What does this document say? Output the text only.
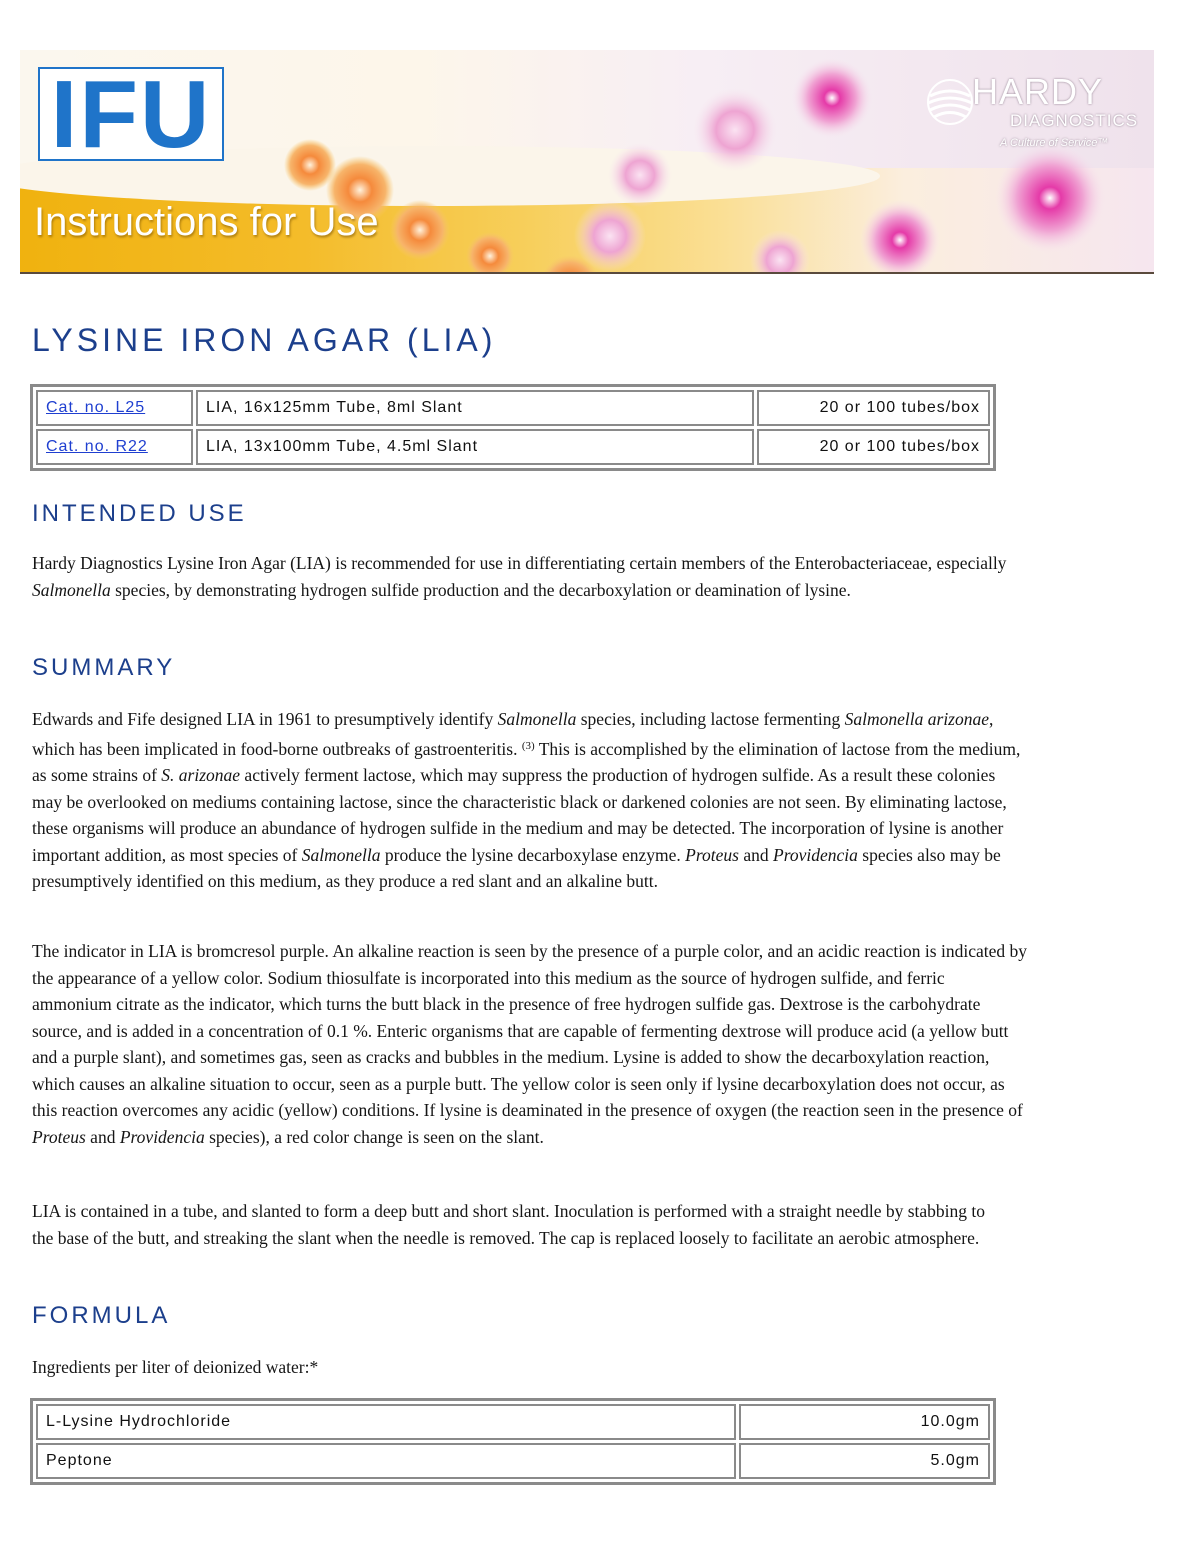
IFU
Instructions for Use
HARDY
DIAGNOSTICS
A Culture of Service™
LYSINE IRON AGAR (LIA)
Cat. no. L25	LIA, 16x125mm Tube, 8ml Slant	20 or 100 tubes/box
Cat. no. R22	LIA, 13x100mm Tube, 4.5ml Slant	20 or 100 tubes/box
INTENDED USE

Hardy Diagnostics Lysine Iron Agar (LIA) is recommended for use in differentiating certain members of the Enterobacteriaceae, especially Salmonella species, by demonstrating hydrogen sulfide production and the decarboxylation or deamination of lysine.

SUMMARY

Edwards and Fife designed LIA in 1961 to presumptively identify Salmonella species, including lactose fermenting Salmonella arizonae, which has been implicated in food-borne outbreaks of gastroenteritis. $^{(3)}$ This is accomplished by the elimination of lactose from the medium, as some strains of S. arizonae actively ferment lactose, which may suppress the production of hydrogen sulfide. As a result these colonies may be overlooked on mediums containing lactose, since the characteristic black or darkened colonies are not seen. By eliminating lactose, these organisms will produce an abundance of hydrogen sulfide in the medium and may be detected. The incorporation of lysine is another important addition, as most species of Salmonella produce the lysine decarboxylase enzyme. Proteus and Providencia species also may be presumptively identified on this medium, as they produce a red slant and an alkaline butt.

The indicator in LIA is bromcresol purple. An alkaline reaction is seen by the presence of a purple color, and an acidic reaction is indicated by the appearance of a yellow color. Sodium thiosulfate is incorporated into this medium as the source of hydrogen sulfide, and ferric ammonium citrate as the indicator, which turns the butt black in the presence of free hydrogen sulfide gas. Dextrose is the carbohydrate source, and is added in a concentration of 0.1 %. Enteric organisms that are capable of fermenting dextrose will produce acid (a yellow butt and a purple slant), and sometimes gas, seen as cracks and bubbles in the medium. Lysine is added to show the decarboxylation reaction, which causes an alkaline situation to occur, seen as a purple butt. The yellow color is seen only if lysine decarboxylation does not occur, as this reaction overcomes any acidic (yellow) conditions. If lysine is deaminated in the presence of oxygen (the reaction seen in the presence of Proteus and Providencia species), a red color change is seen on the slant.

LIA is contained in a tube, and slanted to form a deep butt and short slant. Inoculation is performed with a straight needle by stabbing to the base of the butt, and streaking the slant when the needle is removed. The cap is replaced loosely to facilitate an aerobic atmosphere.

FORMULA

Ingredients per liter of deionized water:*

L-Lysine Hydrochloride	10.0gm
Peptone	5.0gm
